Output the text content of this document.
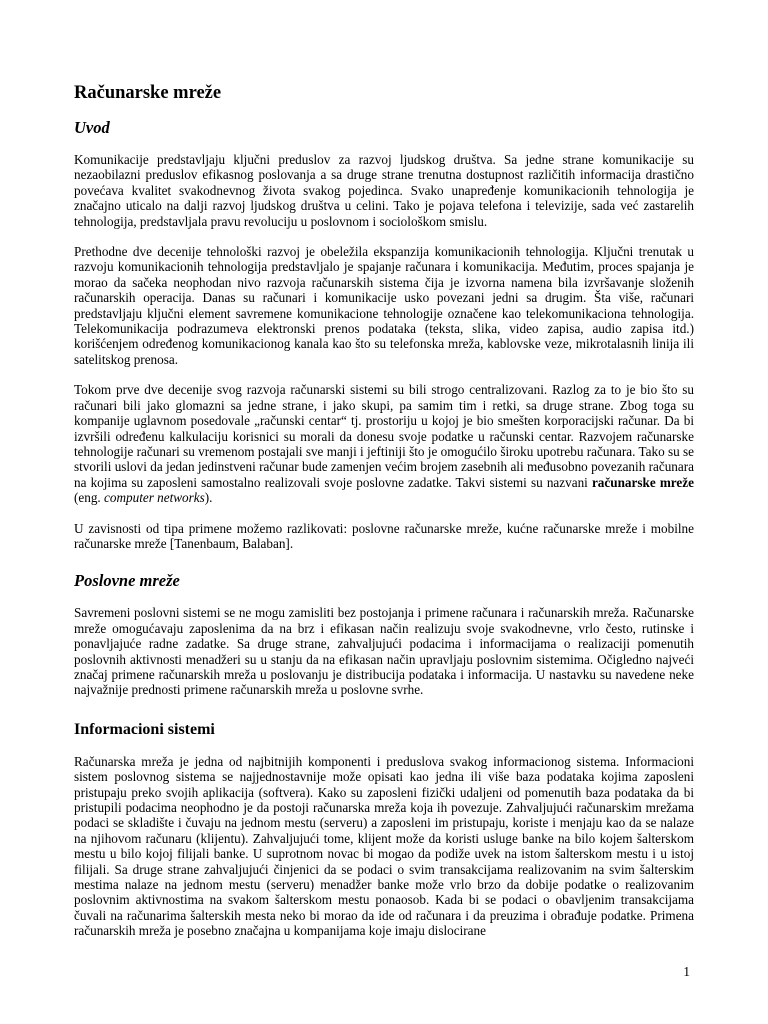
Računarske mreže
Uvod

Komunikacije predstavljaju ključni preduslov za razvoj ljudskog društva. Sa jedne strane komunikacije su nezaobilazni preduslov efikasnog poslovanja a sa druge strane trenutna dostupnost različitih informacija drastično povećava kvalitet svakodnevnog života svakog pojedinca. Svako unapređenje komunikacionih tehnologija je značajno uticalo na dalji razvoj ljudskog društva u celini. Tako je pojava telefona i televizije, sada već zastarelih tehnologija, predstavljala pravu revoluciju u poslovnom i sociološkom smislu.

Prethodne dve decenije tehnološki razvoj je obeležila ekspanzija komunikacionih tehnologija. Ključni trenutak u razvoju komunikacionih tehnologija predstavljalo je spajanje računara i komunikacija. Međutim, proces spajanja je morao da sačeka neophodan nivo razvoja računarskih sistema čija je izvorna namena bila izvršavanje složenih računarskih operacija. Danas su računari i komunikacije usko povezani jedni sa drugim. Šta više, računari predstavljaju ključni element savremene komunikacione tehnologije označene kao telekomunikaciona tehnologija. Telekomunikacija podrazumeva elektronski prenos podataka (teksta, slika, video zapisa, audio zapisa itd.) korišćenjem određenog komunikacionog kanala kao što su telefonska mreža, kablovske veze, mikrotalasnih linija ili satelitskog prenosa.

Tokom prve dve decenije svog razvoja računarski sistemi su bili strogo centralizovani. Razlog za to je bio što su računari bili jako glomazni sa jedne strane, i jako skupi, pa samim tim i retki, sa druge strane. Zbog toga su kompanije uglavnom posedovale „računski centar“ tj. prostoriju u kojoj je bio smešten korporacijski računar. Da bi izvršili određenu kalkulaciju korisnici su morali da donesu svoje podatke u računski centar. Razvojem računarske tehnologije računari su vremenom postajali sve manji i jeftiniji što je omogućilo široku upotrebu računara. Tako su se stvorili uslovi da jedan jedinstveni računar bude zamenjen većim brojem zasebnih ali međusobno povezanih računara na kojima su zaposleni samostalno realizovali svoje poslovne zadatke. Takvi sistemi su nazvani računarske mreže (eng. computer networks).

U zavisnosti od tipa primene možemo razlikovati: poslovne računarske mreže, kućne računarske mreže i mobilne računarske mreže [Tanenbaum, Balaban].

Poslovne mreže

Savremeni poslovni sistemi se ne mogu zamisliti bez postojanja i primene računara i računarskih mreža. Računarske mreže omogućavaju zaposlenima da na brz i efikasan način realizuju svoje svakodnevne, vrlo često, rutinske i ponavljajuće radne zadatke. Sa druge strane, zahvaljujući podacima i informacijama o realizaciji pomenutih poslovnih aktivnosti menadžeri su u stanju da na efikasan način upravljaju poslovnim sistemima. Očigledno najveći značaj primene računarskih mreža u poslovanju je distribucija podataka i informacija. U nastavku su navedene neke najvažnije prednosti primene računarskih mreža u poslovne svrhe.

Informacioni sistemi

Računarska mreža je jedna od najbitnijih komponenti i preduslova svakog informacionog sistema. Informacioni sistem poslovnog sistema se najjednostavnije može opisati kao jedna ili više baza podataka kojima zaposleni pristupaju preko svojih aplikacija (softvera). Kako su zaposleni fizički udaljeni od pomenutih baza podataka da bi pristupili podacima neophodno je da postoji računarska mreža koja ih povezuje. Zahvaljujući računarskim mrežama podaci se skladište i čuvaju na jednom mestu (serveru) a zaposleni im pristupaju, koriste i menjaju kao da se nalaze na njihovom računaru (klijentu). Zahvaljujući tome, klijent može da koristi usluge banke na bilo kojem šalterskom mestu u bilo kojoj filijali banke. U suprotnom novac bi mogao da podiže uvek na istom šalterskom mestu i u istoj filijali. Sa druge strane zahvaljujući činjenici da se podaci o svim transakcijama realizovanim na svim šalterskim mestima nalaze na jednom mestu (serveru) menadžer banke može vrlo brzo da dobije podatke o realizovanim poslovnim aktivnostima na svakom šalterskom mestu ponaosob. Kada bi se podaci o obavljenim transakcijama čuvali na računarima šalterskih mesta neko bi morao da ide od računara i da preuzima i obrađuje podatke. Primena računarskih mreža je posebno značajna u kompanijama koje imaju dislocirane

1
